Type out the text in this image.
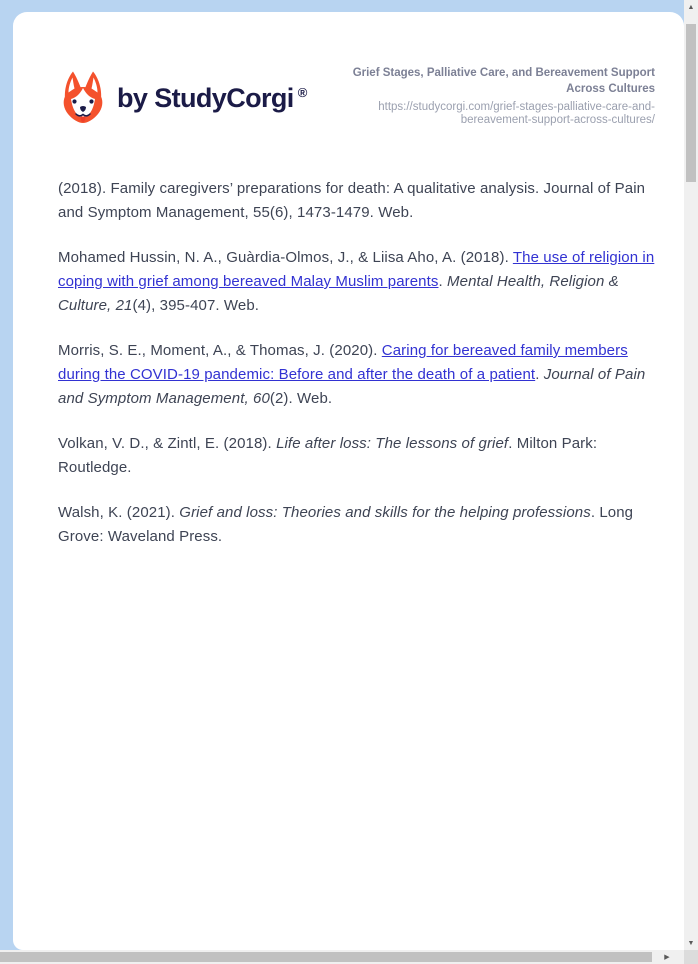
by StudyCorgi ®
Grief Stages, Palliative Care, and Bereavement Support
Across Cultures
https://studycorgi.com/grief-stages-palliative-care-and-
bereavement-support-across-cultures/

(2018). Family caregivers’ preparations for death: A qualitative analysis. Journal of Pain and Symptom Management, 55(6), 1473-1479. Web.

Mohamed Hussin, N. A., Guàrdia-Olmos, J., & Liisa Aho, A. (2018). The use of religion in coping with grief among bereaved Malay Muslim parents. Mental Health, Religion & Culture, 21(4), 395-407. Web.

Morris, S. E., Moment, A., & Thomas, J. (2020). Caring for bereaved family members during the COVID-19 pandemic: Before and after the death of a patient. Journal of Pain and Symptom Management, 60(2). Web.

Volkan, V. D., & Zintl, E. (2018). Life after loss: The lessons of grief. Milton Park: Routledge.

Walsh, K. (2021). Grief and loss: Theories and skills for the helping professions. Long Grove: Waveland Press.

▲
▼
▶
